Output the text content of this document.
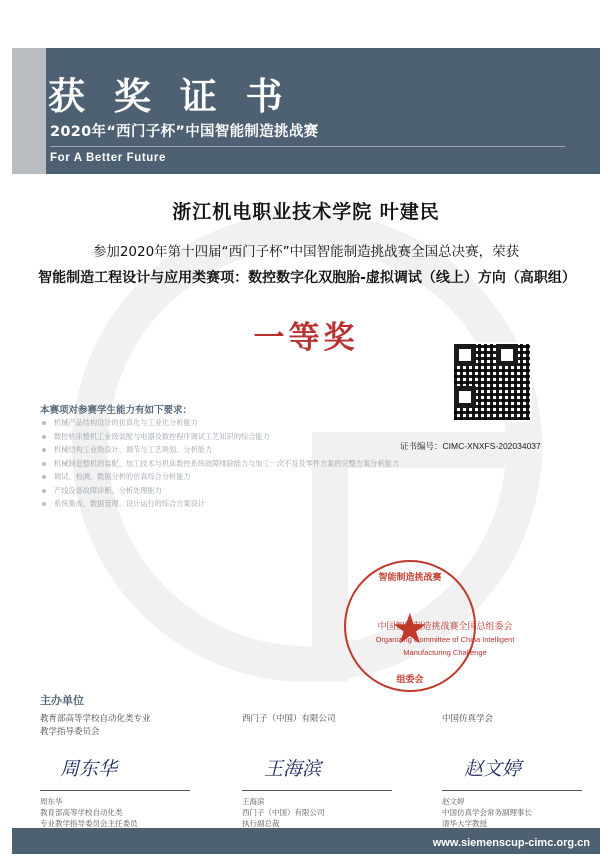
浙江机电职业技术学院 叶建民
参加2020年第十四届“西门子杯”中国智能制造挑战赛全国总决赛，荣获
智能制造工程设计与应用类赛项：数控数字化双胞胎-虚拟调试（线上）方向（高职组）
一等奖
证书编号：CIMC-XNXFS-202034037
本赛项对参赛学生能力有如下要求：
机械产品结构设计的仿真化与工业化分析能力
数控机床整机工业级装配与电器及数控程序调试工艺知识的综合能力
机械结构工业级设计、调节与工艺规划、分析能力
机械制造整机的装配、加工技术与机床数控系统故障排除能力与加工一次不及及零件方案的完整方案分析能力
调试、检测、数据分析的仿真综合分析能力
产线设备故障诊断、分析处理能力
系统集成、数据管理、设计运行的综合方案设计
中国智能制造挑战赛全国总组委会
Organizing Committee of China Intelligent
Manufacturing Challenge
智能制造挑战赛
★
组委会
主办单位
教育部高等学校自动化类专业
教学指导委员会
西门子（中国）有限公司	中国仿真学会
周东华	王海滨	赵文婷
周东华
教育部高等学校自动化类
专业教学指导委员会主任委员
王海滨
西门子（中国）有限公司
执行副总裁
赵文婷
中国仿真学会常务副理事长
清华大学教授
获 奖 证 书
2020年“西门子杯”中国智能制造挑战赛
For A Better Future
www.siemenscup-cimc.org.cn
